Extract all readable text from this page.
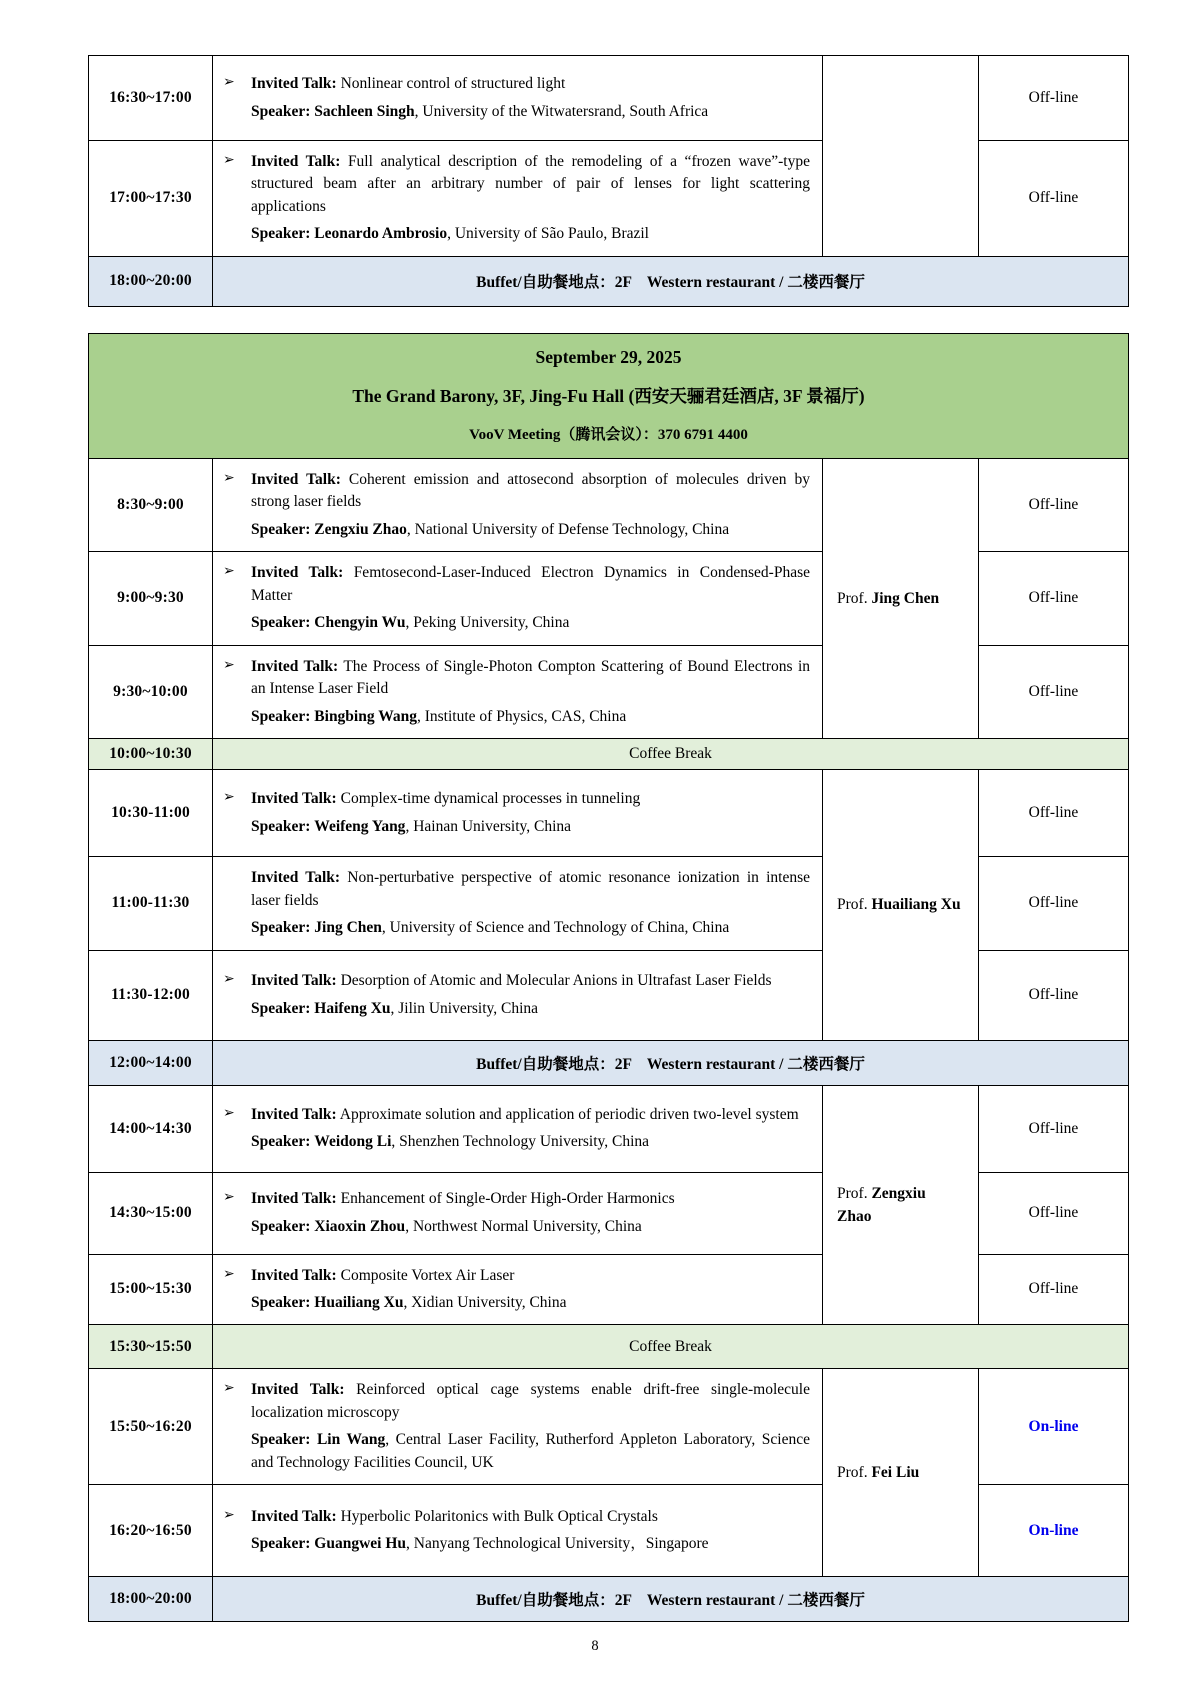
16:30~17:00	➢ Invited Talk: Nonlinear control of structured light

Speaker: Sachleen Singh, University of the Witwatersrand, South Africa		Off-line
17:00~17:30	➢ Invited Talk: Full analytical description of the remodeling of a “frozen wave”-type structured beam after an arbitrary number of pair of lenses for light scattering applications

Speaker: Leonardo Ambrosio, University of São Paulo, Brazil		Off-line
18:00~20:00	Buffet/自助餐地点：2F　Western restaurant / 二楼西餐厅		

September 29, 2025

The Grand Barony, 3F, Jing-Fu Hall (西安天骊君廷酒店, 3F 景福厅)

VooV Meeting（腾讯会议）：370 6791 4400			

8:30~9:00	➢ Invited Talk: Coherent emission and attosecond absorption of molecules driven by strong laser fields

Speaker: Zengxiu Zhao, National University of Defense Technology, China	Prof. Jing Chen	Off-line
9:00~9:30	➢ Invited Talk: Femtosecond-Laser-Induced Electron Dynamics in Condensed-Phase Matter

Speaker: Chengyin Wu, Peking University, China		Off-line
9:30~10:00	➢ Invited Talk: The Process of Single-Photon Compton Scattering of Bound Electrons in an Intense Laser Field

Speaker: Bingbing Wang, Institute of Physics, CAS, China		Off-line
10:00~10:30	Coffee Break		
10:30-11:00	➢ Invited Talk: Complex-time dynamical processes in tunneling

Speaker: Weifeng Yang, Hainan University, China	Prof. Huailiang Xu	Off-line
11:00-11:30	Invited Talk: Non-perturbative perspective of atomic resonance ionization in intense laser fields

Speaker: Jing Chen, University of Science and Technology of China, China		Off-line
11:30-12:00	➢ Invited Talk: Desorption of Atomic and Molecular Anions in Ultrafast Laser Fields

Speaker: Haifeng Xu, Jilin University, China		Off-line
12:00~14:00	Buffet/自助餐地点：2F　Western restaurant / 二楼西餐厅		
14:00~14:30	➢ Invited Talk: Approximate solution and application of periodic driven two-level system

Speaker: Weidong Li, Shenzhen Technology University, China	Prof. Zengxiu Zhao	Off-line
14:30~15:00	➢ Invited Talk: Enhancement of Single-Order High-Order Harmonics

Speaker: Xiaoxin Zhou, Northwest Normal University, China		Off-line
15:00~15:30	➢ Invited Talk: Composite Vortex Air Laser

Speaker: Huailiang Xu, Xidian University, China		Off-line
15:30~15:50	Coffee Break		
15:50~16:20	➢ Invited Talk: Reinforced optical cage systems enable drift-free single-molecule localization microscopy

Speaker: Lin Wang, Central Laser Facility, Rutherford Appleton Laboratory, Science and Technology Facilities Council, UK	Prof. Fei Liu	On-line
16:20~16:50	➢ Invited Talk: Hyperbolic Polaritonics with Bulk Optical Crystals

Speaker: Guangwei Hu, Nanyang Technological University，Singapore		On-line
18:00~20:00	Buffet/自助餐地点：2F　Western restaurant / 二楼西餐厅		
8
